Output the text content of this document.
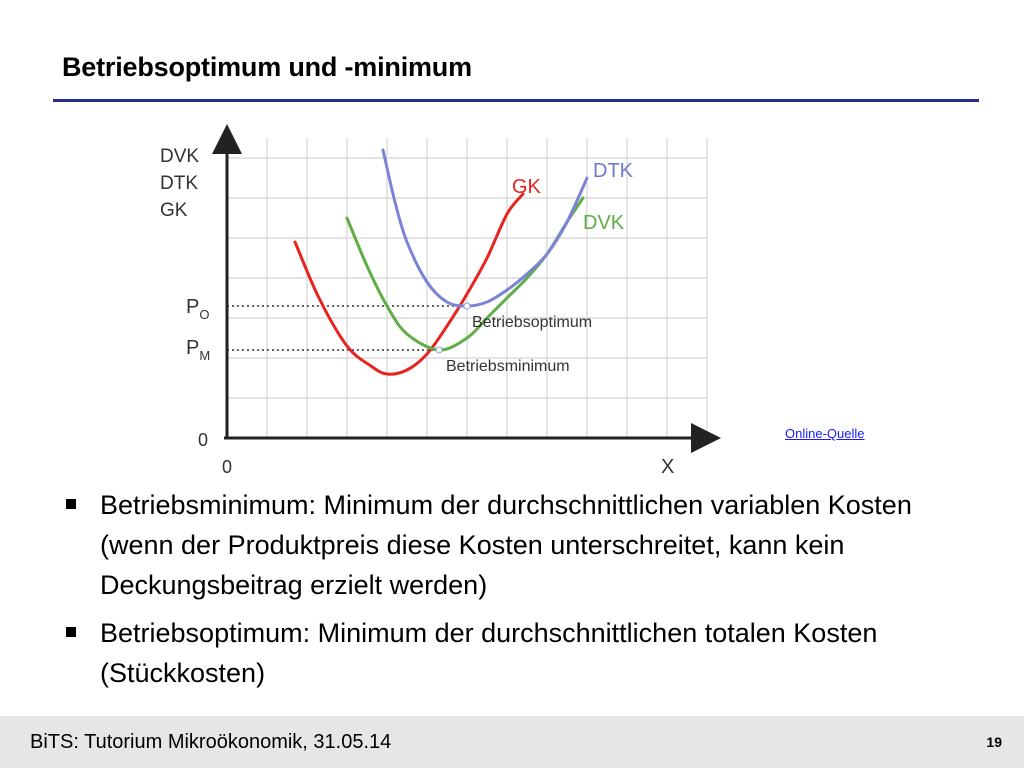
Betriebsoptimum und -minimum
DVK
DTK
GK
0
0	X
$P_O$
$P_M$
DTK
GK
DVK
Betriebsoptimum
Betriebsminimum
Online-Quelle
Betriebsminimum: Minimum der durchschnittlichen variablen Kosten (wenn der Produktpreis diese Kosten unterschreitet, kann kein Deckungsbeitrag erzielt werden)
Betriebsoptimum: Minimum der durchschnittlichen totalen Kosten (Stückkosten)
BiTS: Tutorium Mikroökonomik, 31.05.14	19
